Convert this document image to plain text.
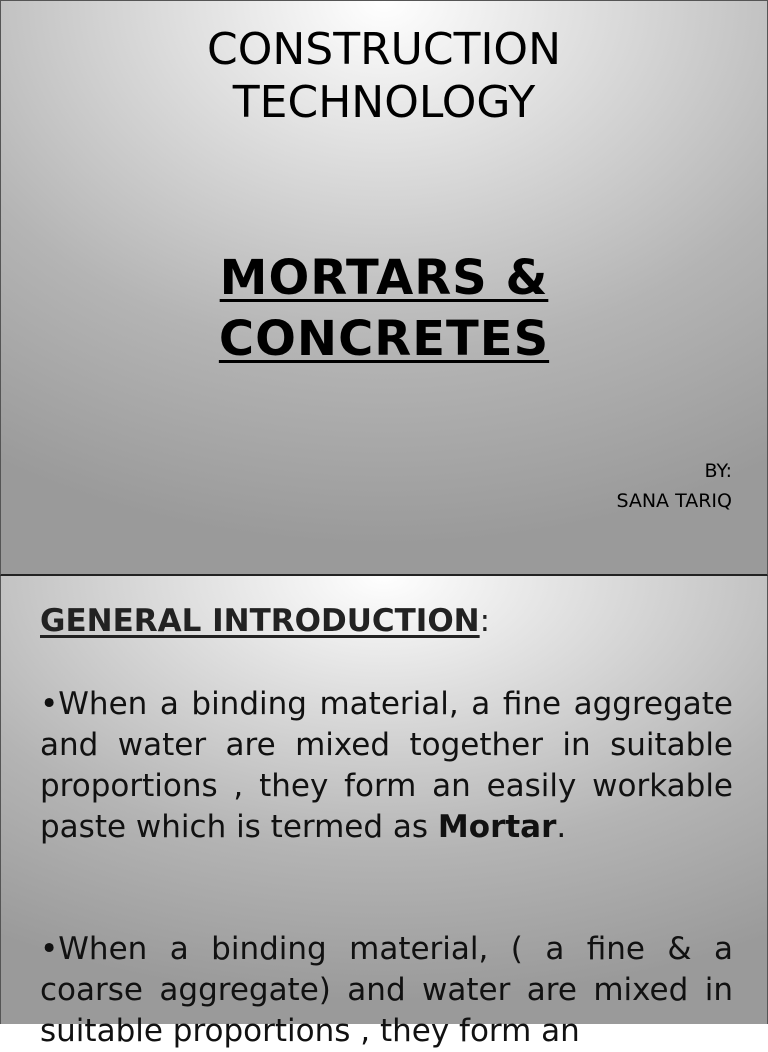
CONSTRUCTION
TECHNOLOGY
MORTARS &
CONCRETES
BY:
SANA TARIQ
GENERAL INTRODUCTION:

•When a binding material, a fine aggregate and water are mixed together in suitable proportions , they form an easily workable paste which is termed as Mortar.

•When a binding material, ( a fine & a coarse aggregate) and water are mixed in suitable proportions , they form an
